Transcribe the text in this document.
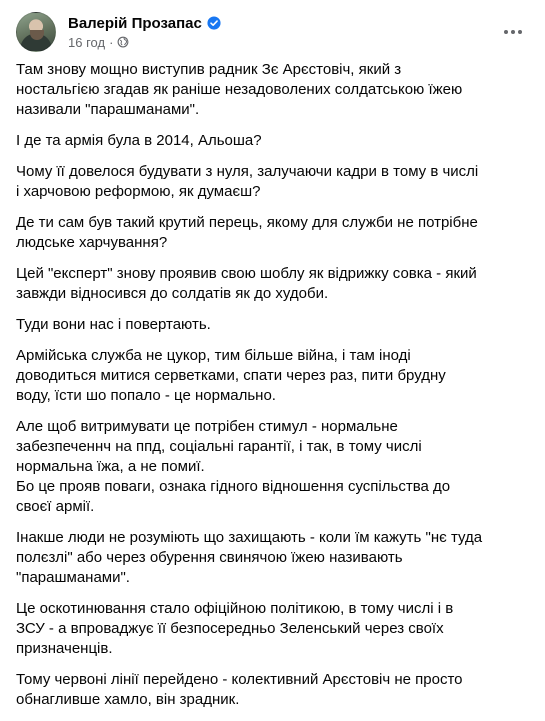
Валерій Прозапас
16 год ·

Там знову мощно виступив радник Зє Арєстовіч, який з
ностальгією згадав як раніше незадоволених солдатською їжею
називали "парашманами".

І де та армія була в 2014, Альоша?

Чому її довелося будувати з нуля, залучаючи кадри в тому в числі
і харчовою реформою, як думаєш?

Де ти сам був такий крутий перець, якому для служби не потрібне
людське харчування?

Цей "експерт" знову проявив свою шоблу як відрижку совка - який
завжди відносився до солдатів як до худоби.

Туди вони нас і повертають.

Армійська служба не цукор, тим більше війна, і там іноді
доводиться митися серветками, спати через раз, пити брудну
воду, їсти шо попало - це нормально.

Але щоб витримувати це потрібен стимул - нормальне
забезпеченнч на ппд, соціальні гарантії, і так, в тому числі
нормальна їжа, а не помиї.
Бо це прояв поваги, ознака гідного відношення суспільства до
своєї армії.

Інакше люди не розуміють що захищають - коли їм кажуть "нє туда
полєзлі" або через обурення свинячою їжею називають
"парашманами".

Це оскотинювання стало офіційною політикою, в тому числі і в
ЗСУ - а впроваджує її безпосередньо Зеленський через своїх
призначенців.

Тому червоні лінії перейдено - колективний Арєстовіч не просто
обнагливше хамло, він зрадник.
